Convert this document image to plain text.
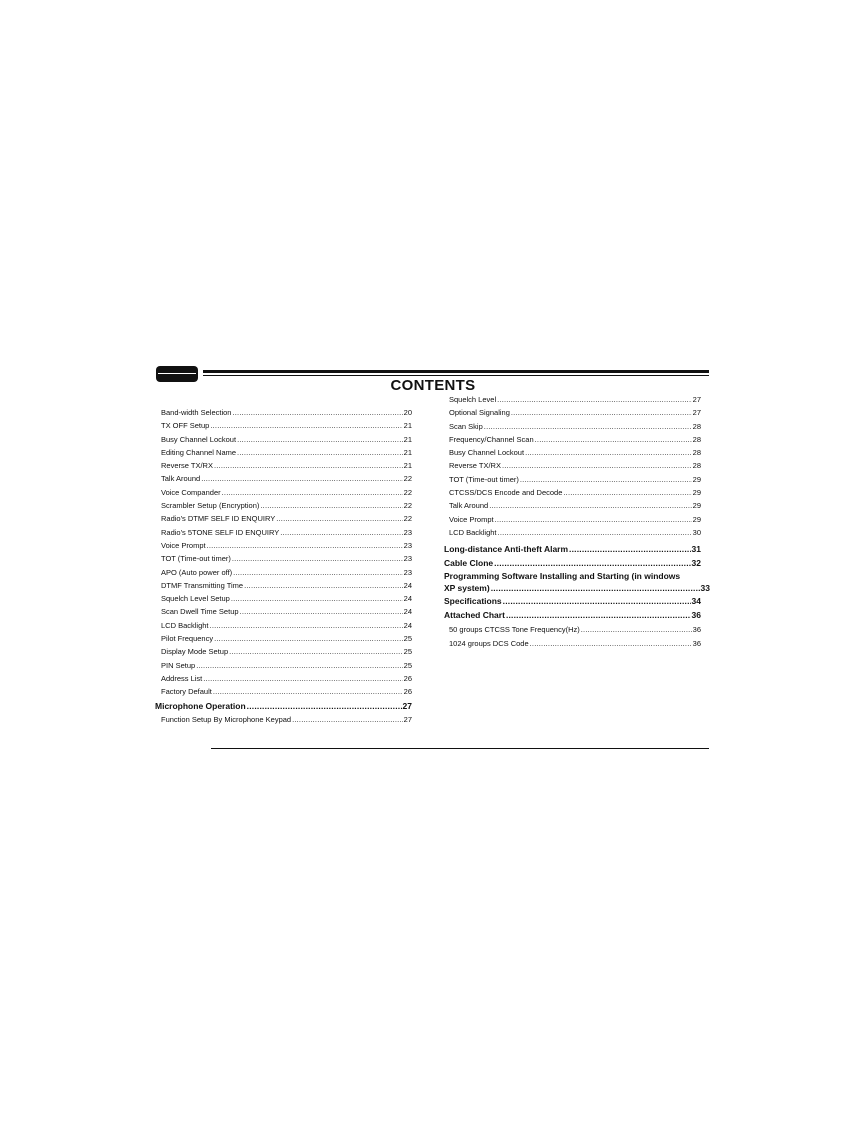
CONTENTS
Band-width Selection .....	20
TX OFF Setup .....	21
Busy Channel Lockout .....	21
Editing Channel Name .....	21
Reverse TX/RX .....	21
Talk Around .....	22
Voice Compander .....	22
Scrambler Setup (Encryption) .....	22
Radio's DTMF SELF ID ENQUIRY .....	22
Radio's 5TONE SELF ID ENQUIRY .....	23
Voice Prompt .....	23
TOT (Time-out timer) .....	23
APO (Auto power off) .....	23
DTMF Transmitting Time .....	24
Squelch Level Setup .....	24
Scan Dwell Time Setup .....	24
LCD Backlight .....	24
Pilot Frequency .....	25
Display Mode Setup .....	25
PIN Setup .....	25
Address List .....	26
Factory Default .....	26
Microphone Operation .....	27
Function Setup By Microphone Keypad .....	27
Squelch Level .....	27
Optional Signaling .....	27
Scan Skip .....	28
Frequency/Channel Scan .....	28
Busy Channel Lockout .....	28
Reverse TX/RX .....	28
TOT (Time-out timer) .....	29
CTCSS/DCS Encode and Decode .....	29
Talk Around .....	29
Voice Prompt .....	29
LCD Backlight .....	30
Long-distance Anti-theft Alarm .....	31
Cable Clone .....	32
Programming Software Installing and Starting (in windows
XP system) .....	33
Specifications .....	34
Attached Chart .....	36
50 groups CTCSS Tone Frequency(Hz) .....	36
1024 groups DCS Code .....	36
